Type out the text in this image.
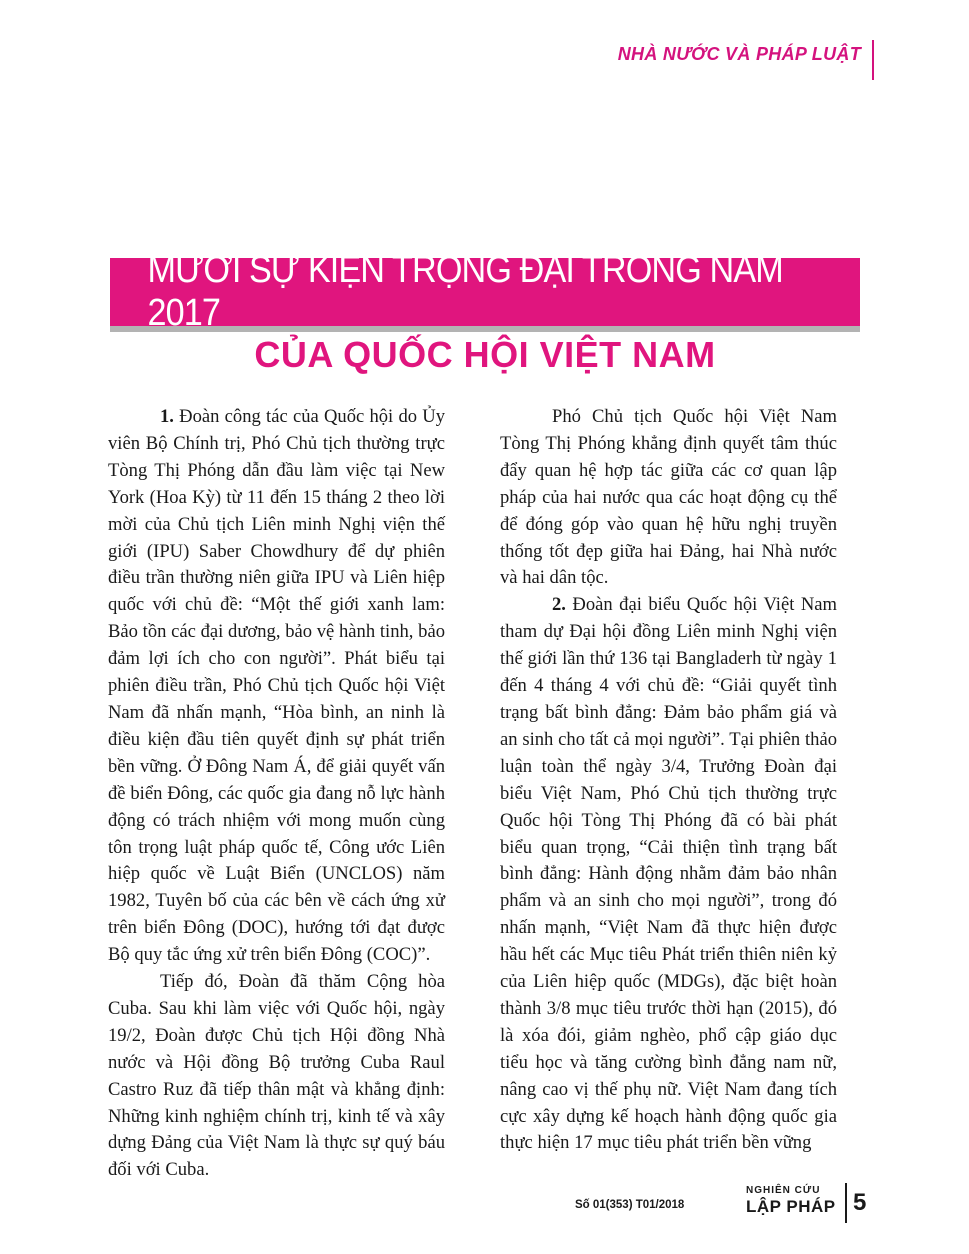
NHÀ NƯỚC VÀ PHÁP LUẬT

MƯỜI SỰ KIỆN TRỌNG ĐẠI TRONG NĂM 2017
CỦA QUỐC HỘI VIỆT NAM

1. Đoàn công tác của Quốc hội do Ủy viên Bộ Chính trị, Phó Chủ tịch thường trực Tòng Thị Phóng dẫn đầu làm việc tại New York (Hoa Kỳ) từ 11 đến 15 tháng 2 theo lời mời của Chủ tịch Liên minh Nghị viện thế giới (IPU) Saber Chowdhury để dự phiên điều trần thường niên giữa IPU và Liên hiệp quốc với chủ đề: “Một thế giới xanh lam: Bảo tồn các đại dương, bảo vệ hành tinh, bảo đảm lợi ích cho con người”. Phát biểu tại phiên điều trần, Phó Chủ tịch Quốc hội Việt Nam đã nhấn mạnh, “Hòa bình, an ninh là điều kiện đầu tiên quyết định sự phát triển bền vững. Ở Đông Nam Á, để giải quyết vấn đề biển Đông, các quốc gia đang nỗ lực hành động có trách nhiệm với mong muốn cùng tôn trọng luật pháp quốc tế, Công ước Liên hiệp quốc về Luật Biển (UNCLOS) năm 1982, Tuyên bố của các bên về cách ứng xử trên biển Đông (DOC), hướng tới đạt được Bộ quy tắc ứng xử trên biển Đông (COC)”.

Tiếp đó, Đoàn đã thăm Cộng hòa Cuba. Sau khi làm việc với Quốc hội, ngày 19/2, Đoàn được Chủ tịch Hội đồng Nhà nước và Hội đồng Bộ trưởng Cuba Raul Castro Ruz đã tiếp thân mật và khẳng định: Những kinh nghiệm chính trị, kinh tế và xây dựng Đảng của Việt Nam là thực sự quý báu đối với Cuba.

Phó Chủ tịch Quốc hội Việt Nam Tòng Thị Phóng khẳng định quyết tâm thúc đẩy quan hệ hợp tác giữa các cơ quan lập pháp của hai nước qua các hoạt động cụ thể để đóng góp vào quan hệ hữu nghị truyền thống tốt đẹp giữa hai Đảng, hai Nhà nước và hai dân tộc.

2. Đoàn đại biểu Quốc hội Việt Nam tham dự Đại hội đồng Liên minh Nghị viện thế giới lần thứ 136 tại Bangladerh từ ngày 1 đến 4 tháng 4 với chủ đề: “Giải quyết tình trạng bất bình đẳng: Đảm bảo phẩm giá và an sinh cho tất cả mọi người”. Tại phiên thảo luận toàn thể ngày 3/4, Trưởng Đoàn đại biểu Việt Nam, Phó Chủ tịch thường trực Quốc hội Tòng Thị Phóng đã có bài phát biểu quan trọng, “Cải thiện tình trạng bất bình đẳng: Hành động nhằm đảm bảo nhân phẩm và an sinh cho mọi người”, trong đó nhấn mạnh, “Việt Nam đã thực hiện được hầu hết các Mục tiêu Phát triển thiên niên kỷ của Liên hiệp quốc (MDGs), đặc biệt hoàn thành 3/8 mục tiêu trước thời hạn (2015), đó là xóa đói, giảm nghèo, phổ cập giáo dục tiểu học và tăng cường bình đẳng nam nữ, nâng cao vị thế phụ nữ. Việt Nam đang tích cực xây dựng kế hoạch hành động quốc gia thực hiện 17 mục tiêu phát triển bền vững

Số 01(353) T01/2018

NGHIÊN CỨU

LẬP PHÁP 5
